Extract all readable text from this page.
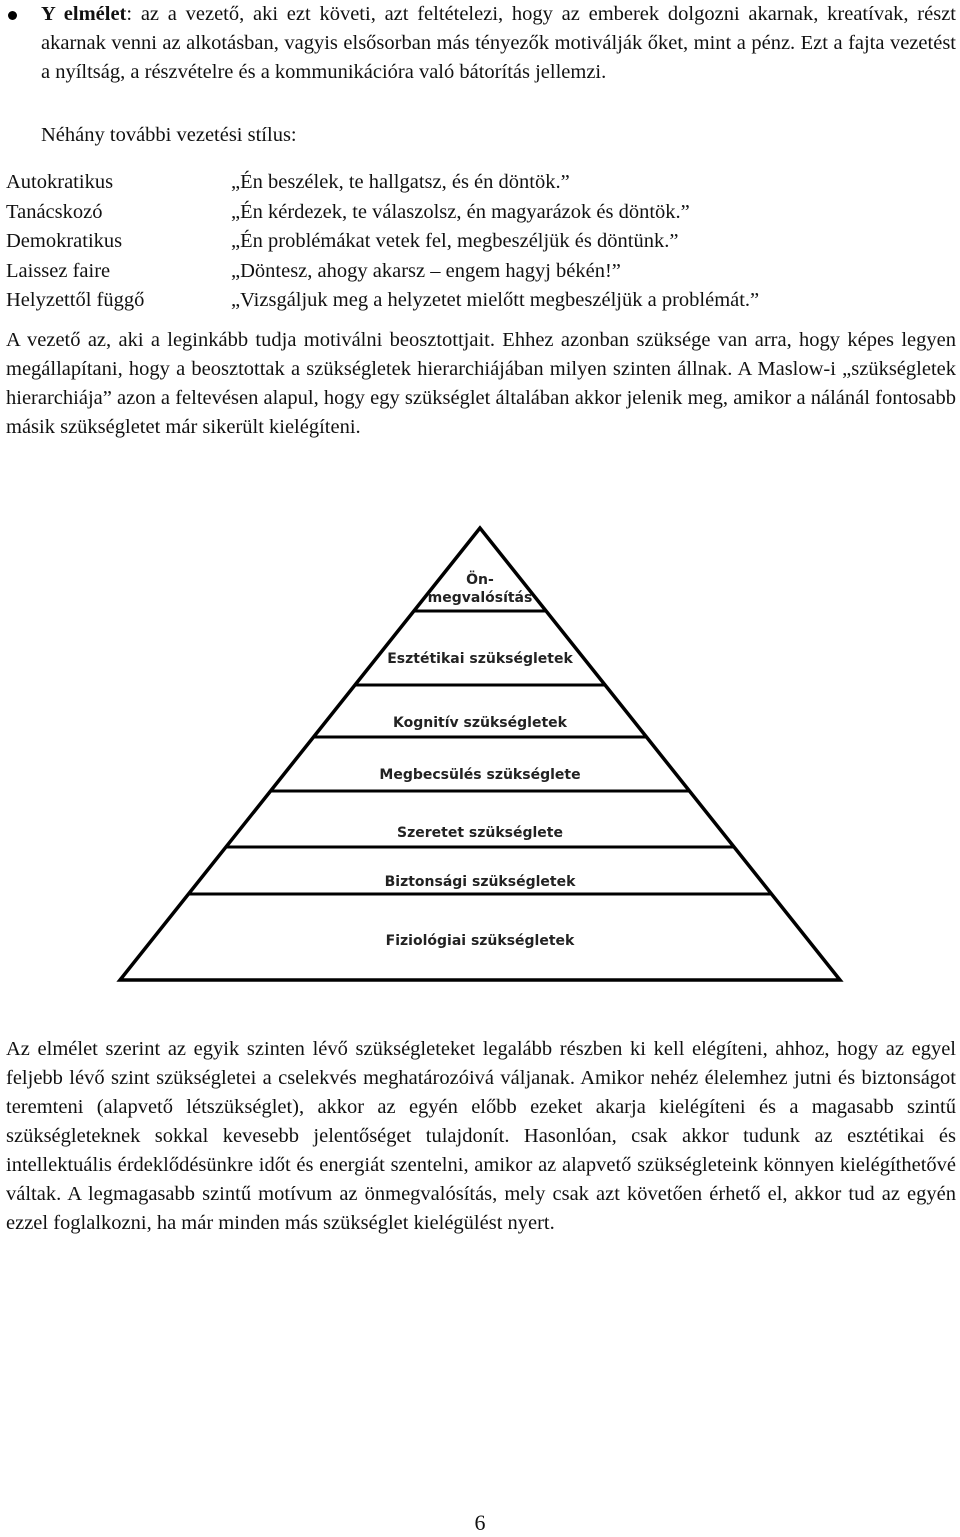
Y elmélet: az a vezető, aki ezt követi, azt feltételezi, hogy az emberek dolgozni akarnak, kreatívak, részt akarnak venni az alkotásban, vagyis elsősorban más tényezők motiválják őket, mint a pénz. Ezt a fajta vezetést a nyíltság, a részvételre és a kommunikációra való bátorítás jellemzi.
Néhány további vezetési stílus:
Autokratikus	„Én beszélek, te hallgatsz, és én döntök.”
Tanácskozó	„Én kérdezek, te válaszolsz, én magyarázok és döntök.”
Demokratikus	„Én problémákat vetek fel, megbeszéljük és döntünk.”
Laissez faire	„Döntesz, ahogy akarsz – engem hagyj békén!”
Helyzettől függő	„Vizsgáljuk meg a helyzetet mielőtt megbeszéljük a problémát.”
A vezető az, aki a leginkább tudja motiválni beosztottjait. Ehhez azonban szüksége van arra, hogy képes legyen megállapítani, hogy a beosztottak a szükségletek hierarchiájában milyen szinten állnak. A Maslow-i „szükségletek hierarchiája” azon a feltevésen alapul, hogy egy szükséglet általában akkor jelenik meg, amikor a nálánál fontosabb másik szükségletet már sikerült kielégíteni.
Ön-
megvalósítás
Esztétikai szükségletek
Kognitív szükségletek
Megbecsülés szükséglete
Szeretet szükséglete
Biztonsági szükségletek
Fiziológiai szükségletek
Az elmélet szerint az egyik szinten lévő szükségleteket legalább részben ki kell elégíteni, ahhoz, hogy az egyel feljebb lévő szint szükségletei a cselekvés meghatározóivá váljanak. Amikor nehéz élelemhez jutni és biztonságot teremteni (alapvető létszükséglet), akkor az egyén előbb ezeket akarja kielégíteni és a magasabb szintű szükségleteknek sokkal kevesebb jelentőséget tulajdonít. Hasonlóan, csak akkor tudunk az esztétikai és intellektuális érdeklődésünkre időt és energiát szentelni, amikor az alapvető szükségleteink könnyen kielégíthetővé váltak. A legmagasabb szintű motívum az önmegvalósítás, mely csak azt követően érhető el, akkor tud az egyén ezzel foglalkozni, ha már minden más szükséglet kielégülést nyert.
6
